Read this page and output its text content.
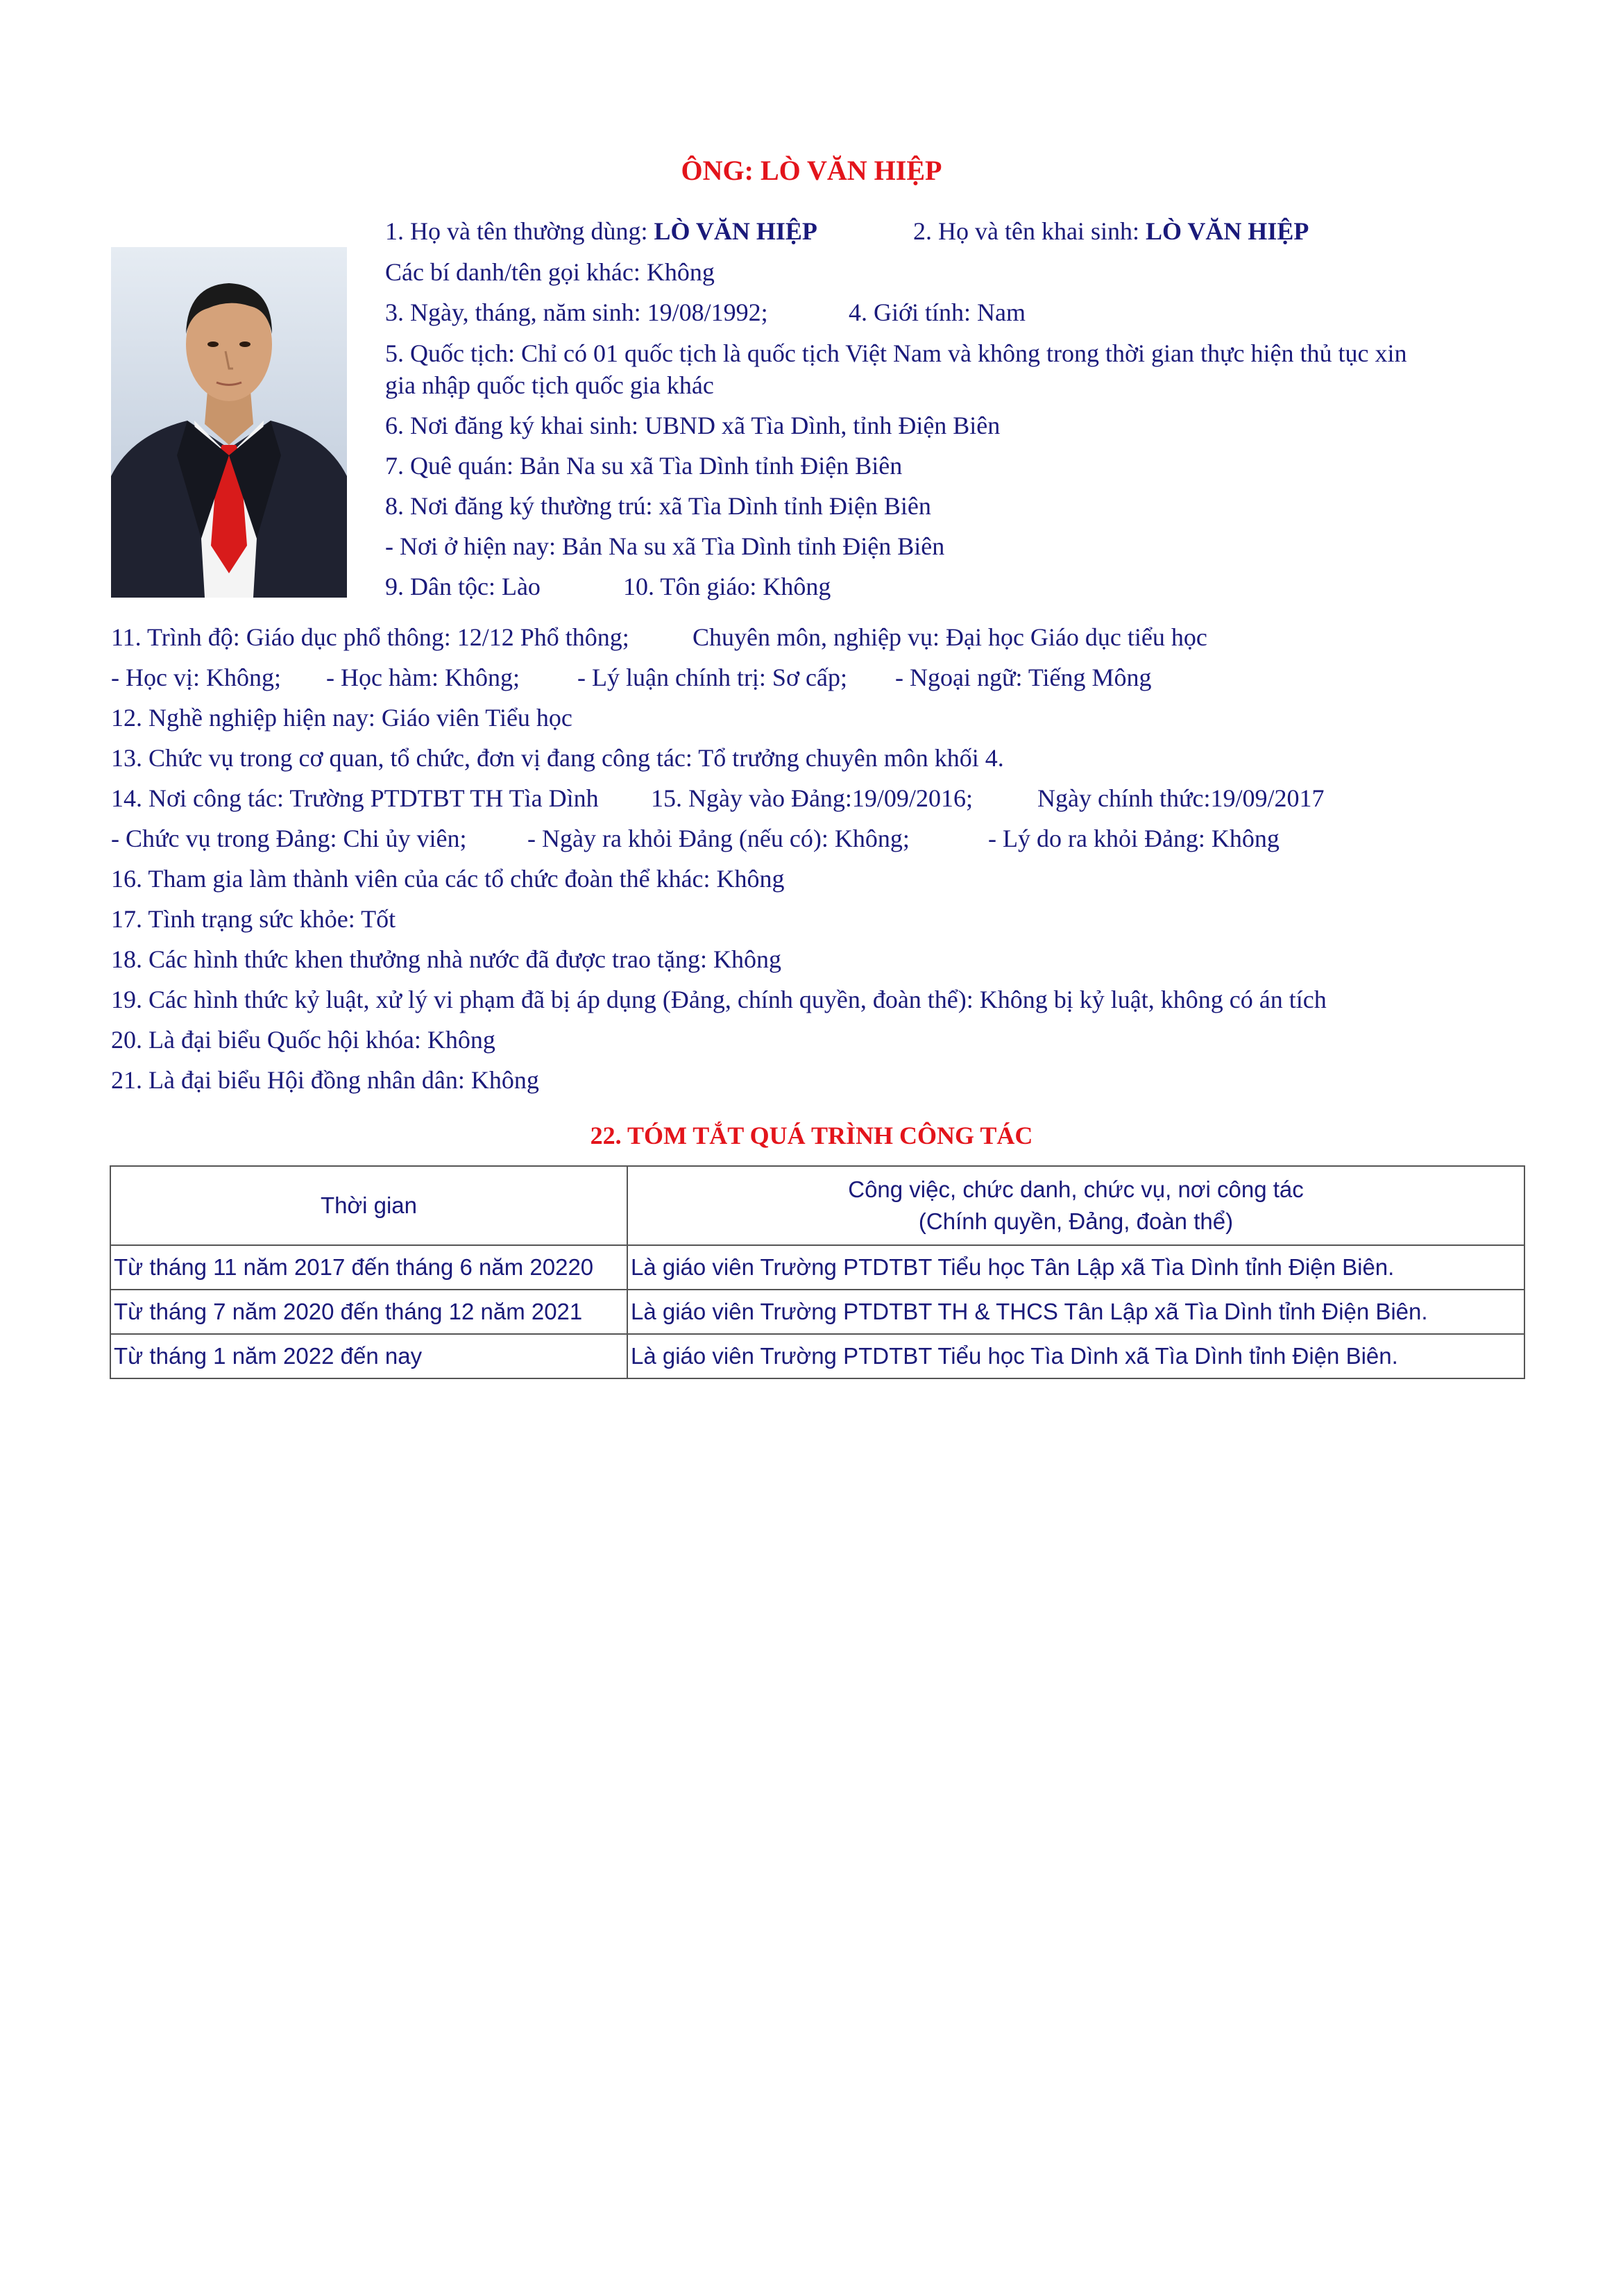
ÔNG: LÒ VĂN HIỆP
1. Họ và tên thường dùng: LÒ VĂN HIỆP	2. Họ và tên khai sinh: LÒ VĂN HIỆP
Các bí danh/tên gọi khác: Không
3. Ngày, tháng, năm sinh: 19/08/1992;	4. Giới tính: Nam
5. Quốc tịch: Chỉ có 01 quốc tịch là quốc tịch Việt Nam và không trong thời gian thực hiện thủ tục xin
gia nhập quốc tịch quốc gia khác
6. Nơi đăng ký khai sinh: UBND xã Tìa Dình, tỉnh Điện Biên
7. Quê quán: Bản Na su xã Tìa Dình tỉnh Điện Biên
8. Nơi đăng ký thường trú: xã Tìa Dình tỉnh Điện Biên
- Nơi ở hiện nay: Bản Na su xã Tìa Dình tỉnh Điện Biên
9. Dân tộc: Lào	10. Tôn giáo: Không
11. Trình độ: Giáo dục phổ thông: 12/12 Phổ thông;	Chuyên môn, nghiệp vụ: Đại học Giáo dục tiểu học
- Học vị: Không; - Học hàm: Không; - Lý luận chính trị: Sơ cấp; - Ngoại ngữ: Tiếng Mông
12. Nghề nghiệp hiện nay: Giáo viên Tiểu học
13. Chức vụ trong cơ quan, tổ chức, đơn vị đang công tác: Tổ trưởng chuyên môn khối 4.
14. Nơi công tác: Trường PTDTBT TH Tìa Dình 15. Ngày vào Đảng:19/09/2016;	Ngày chính thức:19/09/2017
- Chức vụ trong Đảng: Chi ủy viên; - Ngày ra khỏi Đảng (nếu có): Không;	- Lý do ra khỏi Đảng: Không
16. Tham gia làm thành viên của các tổ chức đoàn thể khác: Không
17. Tình trạng sức khỏe: Tốt
18. Các hình thức khen thưởng nhà nước đã được trao tặng: Không
19. Các hình thức kỷ luật, xử lý vi phạm đã bị áp dụng (Đảng, chính quyền, đoàn thể): Không bị kỷ luật, không có án tích
20. Là đại biểu Quốc hội khóa: Không
21. Là đại biểu Hội đồng nhân dân: Không
22. TÓM TẮT QUÁ TRÌNH CÔNG TÁC
Thời gian	Công việc, chức danh, chức vụ, nơi công tác
(Chính quyền, Đảng, đoàn thể)

Từ tháng 11 năm 2017 đến tháng 6 năm 20220	Là giáo viên Trường PTDTBT Tiểu học Tân Lập xã Tìa Dình tỉnh Điện Biên.
Từ tháng 7 năm 2020 đến tháng 12 năm 2021	Là giáo viên Trường PTDTBT TH & THCS Tân Lập xã Tìa Dình tỉnh Điện Biên.
Từ tháng 1 năm 2022 đến nay	Là giáo viên Trường PTDTBT Tiểu học Tìa Dình xã Tìa Dình tỉnh Điện Biên.
